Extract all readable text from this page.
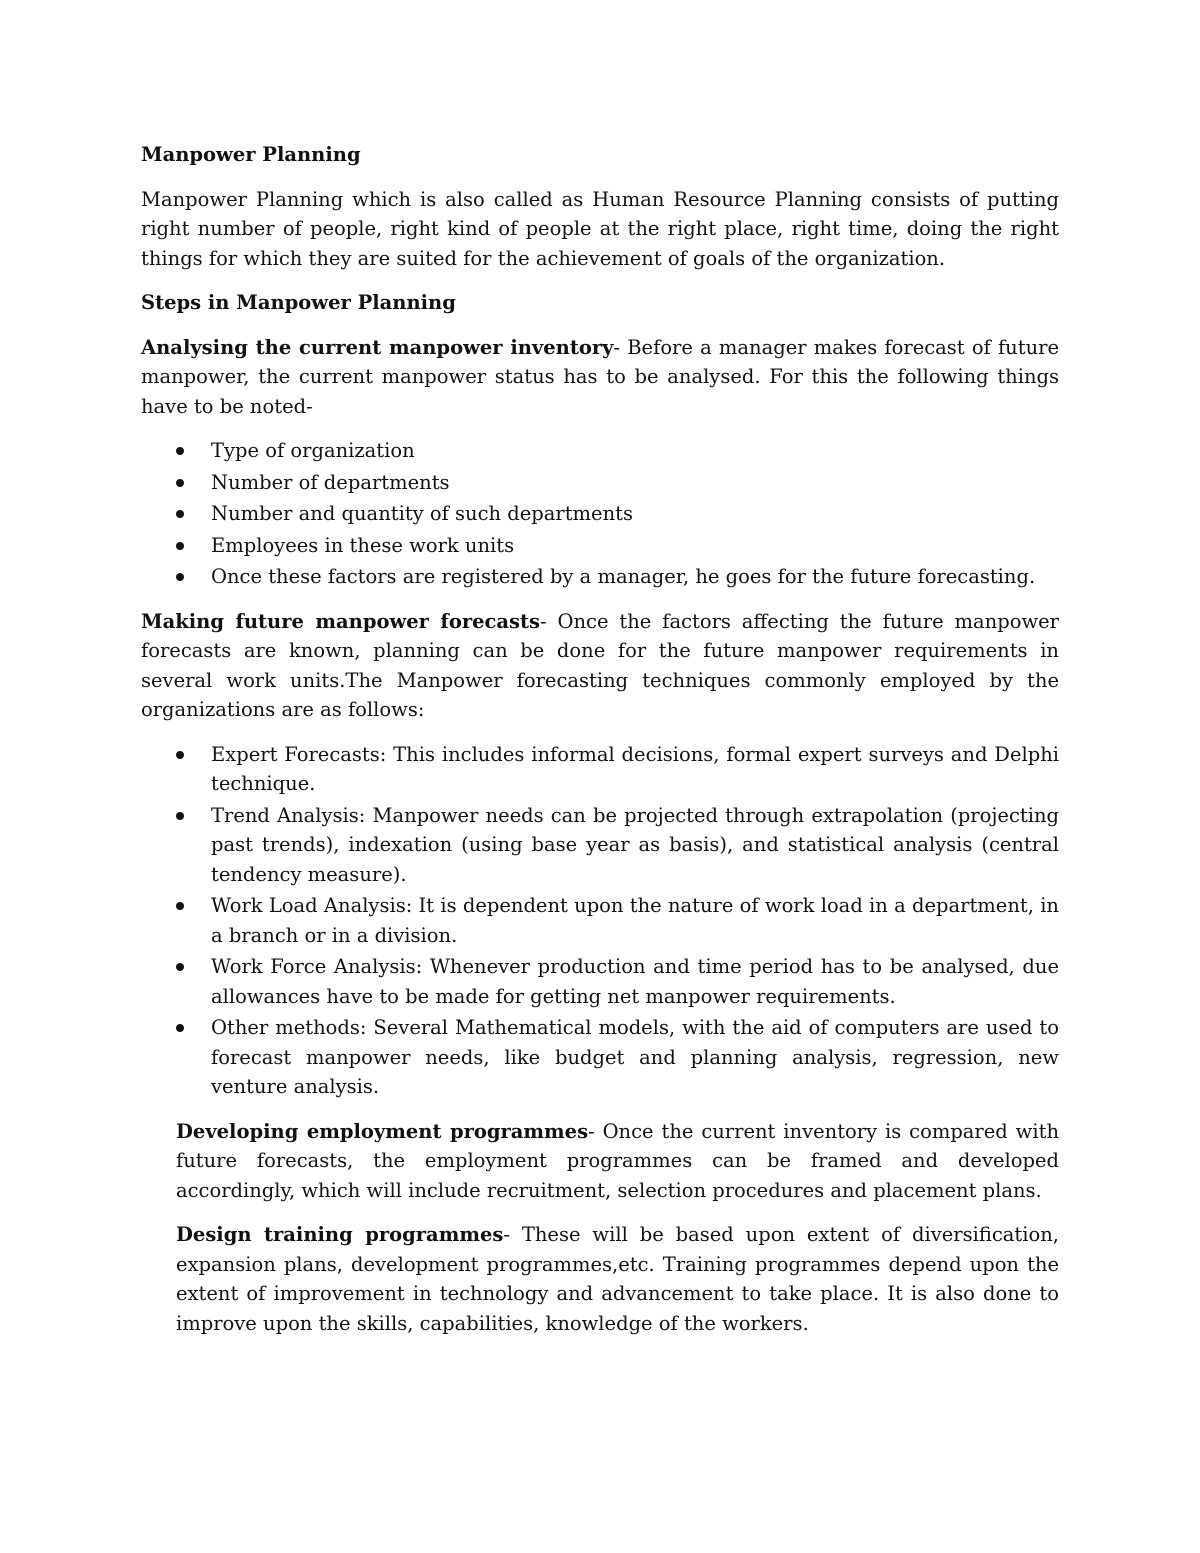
Manpower Planning

Manpower Planning which is also called as Human Resource Planning consists of putting right number of people, right kind of people at the right place, right time, doing the right things for which they are suited for the achievement of goals of the organization.

Steps in Manpower Planning

Analysing the current manpower inventory- Before a manager makes forecast of future manpower, the current manpower status has to be analysed. For this the following things have to be noted-

Type of organization
Number of departments
Number and quantity of such departments
Employees in these work units
Once these factors are registered by a manager, he goes for the future forecasting.

Making future manpower forecasts- Once the factors affecting the future manpower forecasts are known, planning can be done for the future manpower requirements in several work units.The Manpower forecasting techniques commonly employed by the organizations are as follows:

Expert Forecasts: This includes informal decisions, formal expert surveys and Delphi technique.
Trend Analysis: Manpower needs can be projected through extrapolation (projecting past trends), indexation (using base year as basis), and statistical analysis (central tendency measure).
Work Load Analysis: It is dependent upon the nature of work load in a department, in a branch or in a division.
Work Force Analysis: Whenever production and time period has to be analysed, due allowances have to be made for getting net manpower requirements.
Other methods: Several Mathematical models, with the aid of computers are used to forecast manpower needs, like budget and planning analysis, regression, new venture analysis.

Developing employment programmes- Once the current inventory is compared with future forecasts, the employment programmes can be framed and developed accordingly, which will include recruitment, selection procedures and placement plans.

Design training programmes- These will be based upon extent of diversification, expansion plans, development programmes,etc. Training programmes depend upon the extent of improvement in technology and advancement to take place. It is also done to improve upon the skills, capabilities, knowledge of the workers.
